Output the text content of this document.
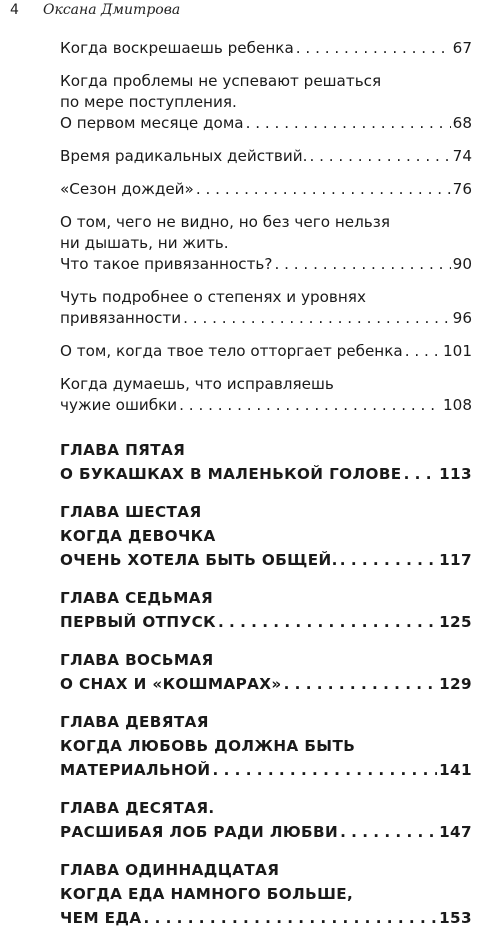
4 Оксана Дмитрова
Когда воскрешаешь ребенка . . .	67
Когда проблемы не успевают решаться
по мере поступления.
О первом месяце дома . . .	68
Время радикальных действий. . . .	74
«Сезон дождей» . . .	76
О том, чего не видно, но без чего нельзя
ни дышать, ни жить.
Что такое привязанность? . . .	90
Чуть подробнее о степенях и уровнях
привязанности . . .	96
О том, когда твое тело отторгает ребенка . . .	101
Когда думаешь, что исправляешь
чужие ошибки . . .	108
ГЛАВА ПЯТАЯ
О БУКАШКАХ В МАЛЕНЬКОЙ ГОЛОВЕ . . . 113
ГЛАВА ШЕСТАЯ
КОГДА ДЕВОЧКА
ОЧЕНЬ ХОТЕЛА БЫТЬ ОБЩЕЙ. . . .	117
ГЛАВА СЕДЬМАЯ
ПЕРВЫЙ ОТПУСК . . .	125
ГЛАВА ВОСЬМАЯ
О СНАХ И «КОШМАРАХ» . . .	129
ГЛАВА ДЕВЯТАЯ
КОГДА ЛЮБОВЬ ДОЛЖНА БЫТЬ
МАТЕРИАЛЬНОЙ . . .	141
ГЛАВА ДЕСЯТАЯ.
РАСШИБАЯ ЛОБ РАДИ ЛЮБВИ . . .	147
ГЛАВА ОДИННАДЦАТАЯ
КОГДА ЕДА НАМНОГО БОЛЬШЕ,
ЧЕМ ЕДА . . .	153
